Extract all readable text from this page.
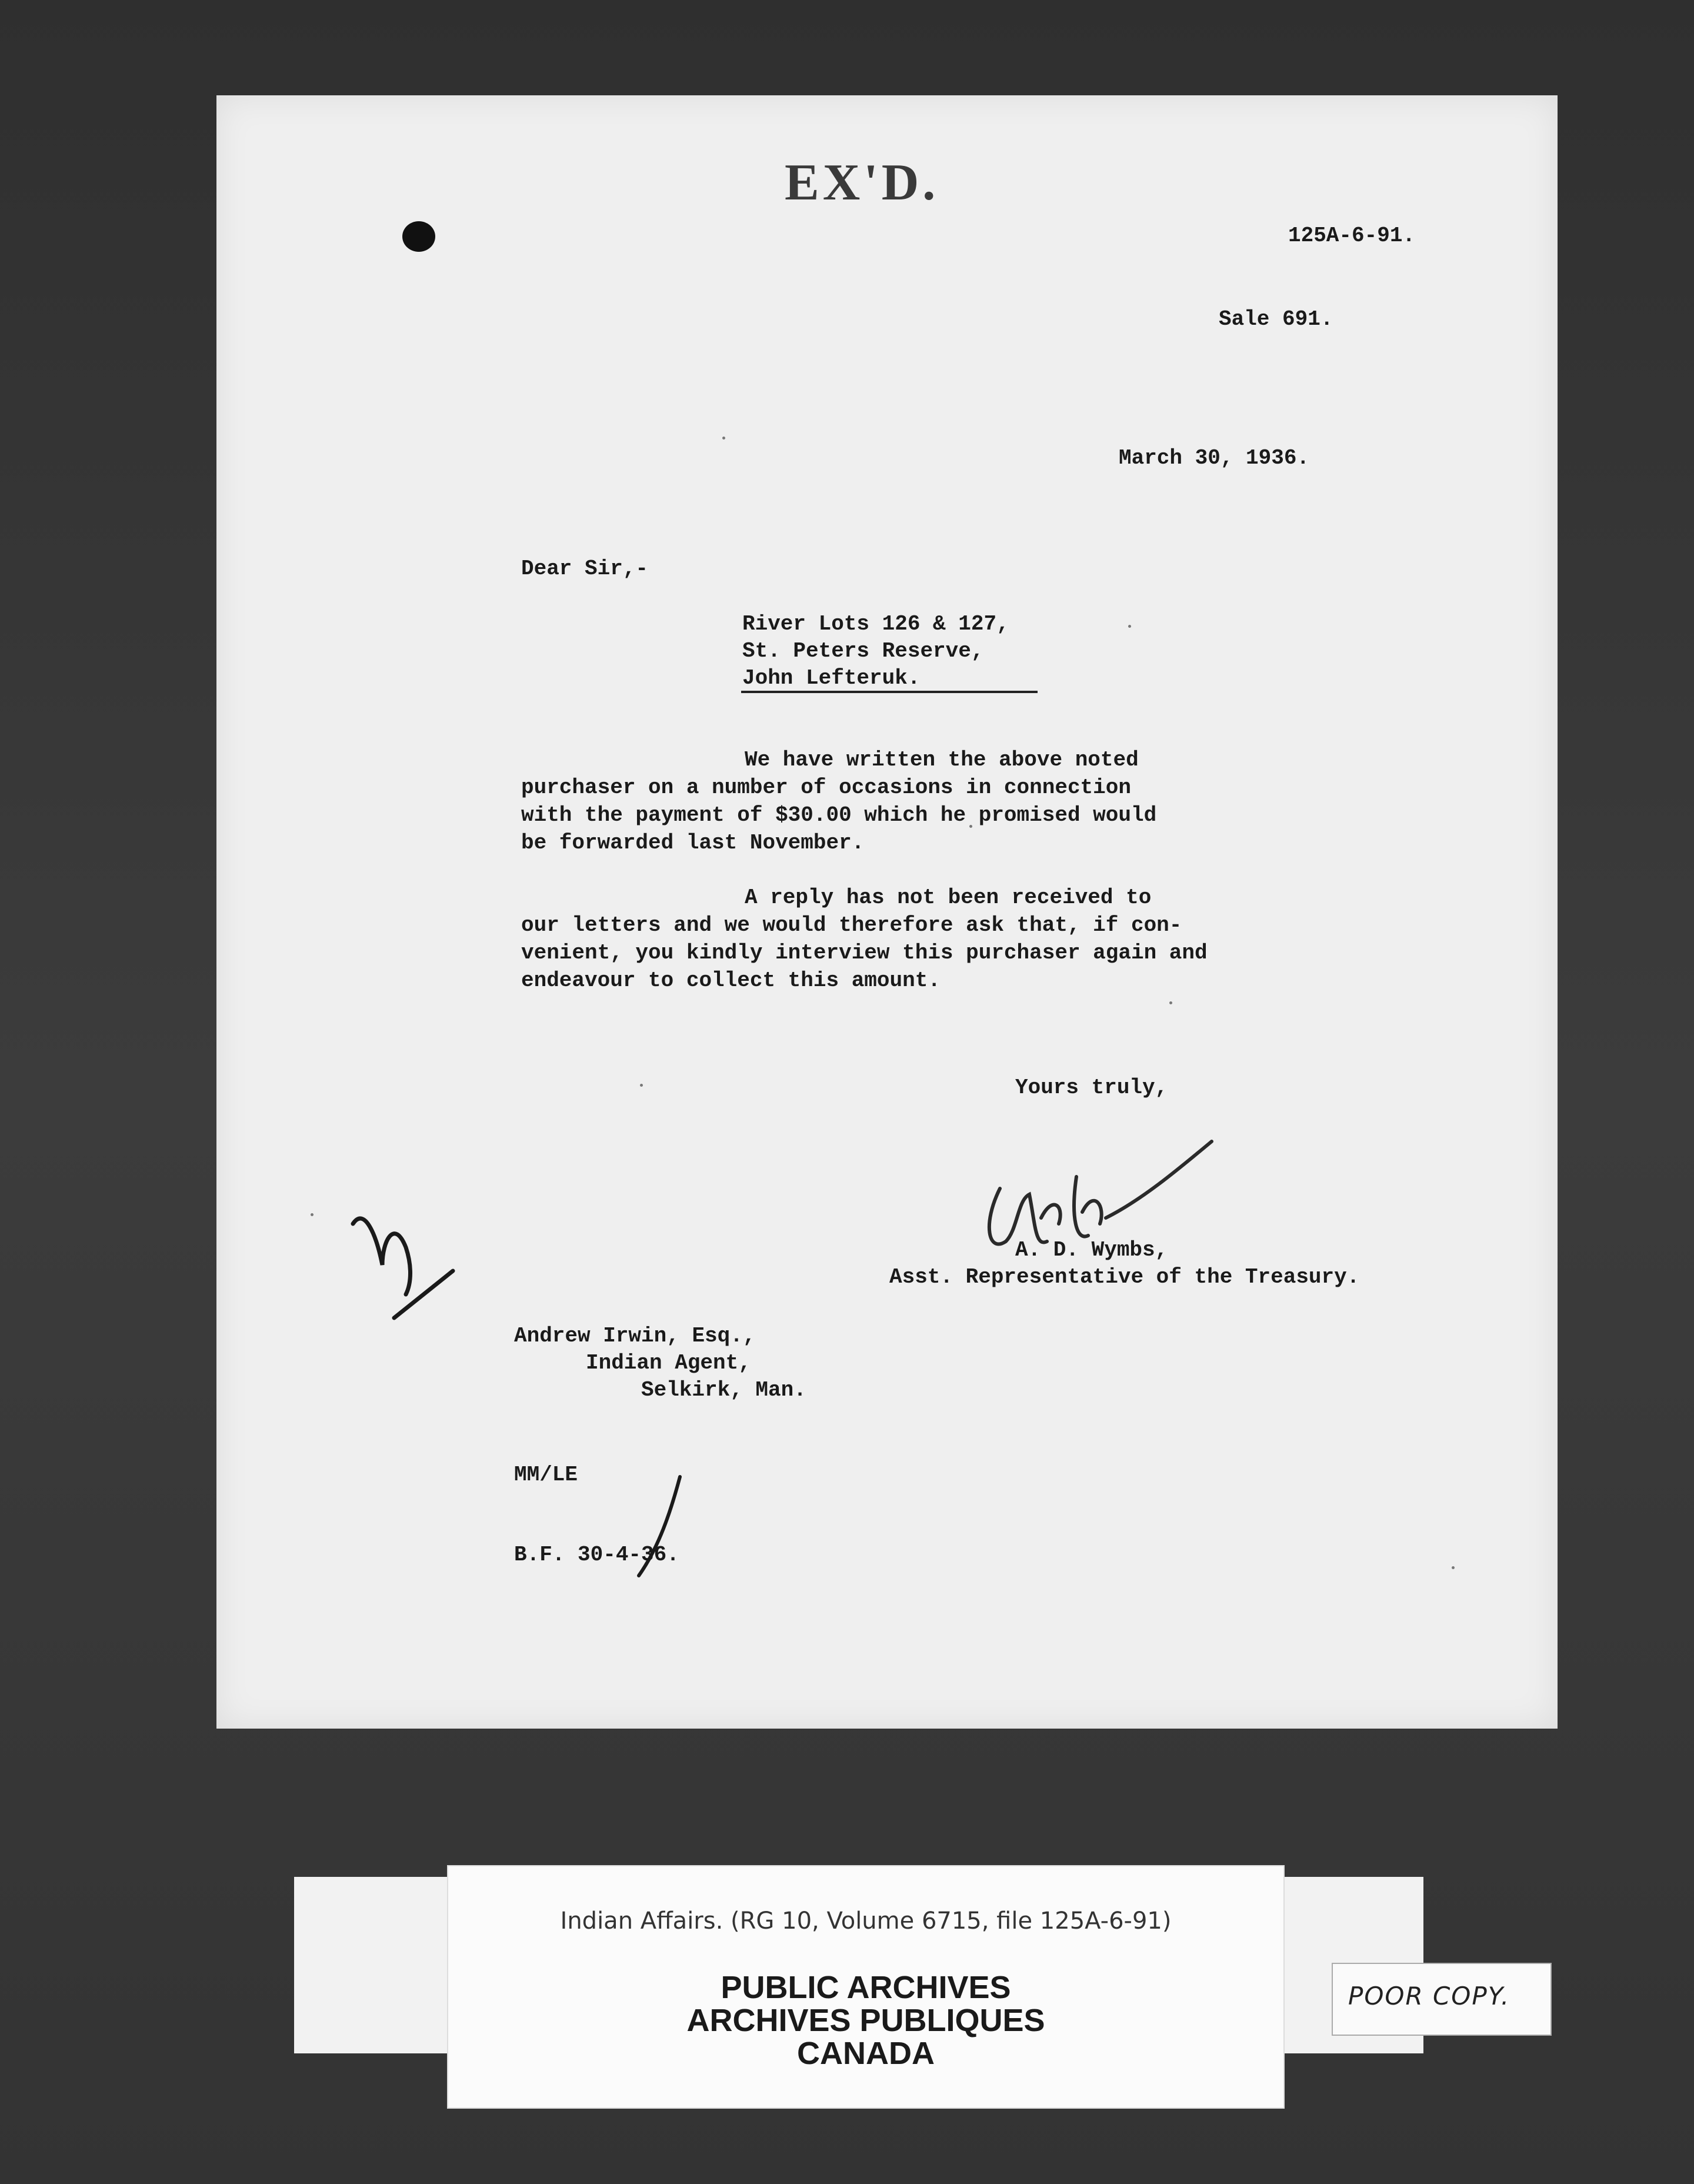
125A-6-91.
EX'D.
Sale 691.
March 30, 1936.
Dear Sir,-
River Lots 126 & 127,
St. Peters Reserve,
John Lefteruk.
We have written the above noted
purchaser on a number of occasions in connection
with the payment of $30.00 which he promised would
be forwarded last November.
A reply has not been received to
our letters and we would therefore ask that, if con-
venient, you kindly interview this purchaser again and
endeavour to collect this amount.
Yours truly,
A. D. Wymbs,
Asst. Representative of the Treasury.
Andrew Irwin, Esq.,
Indian Agent,
Selkirk, Man.
MM/LE
B.F. 30-4-36.
Indian Affairs. (RG 10, Volume 6715, file 125A-6-91)
PUBLIC ARCHIVES
ARCHIVES PUBLIQUES
CANADA
POOR COPY.
